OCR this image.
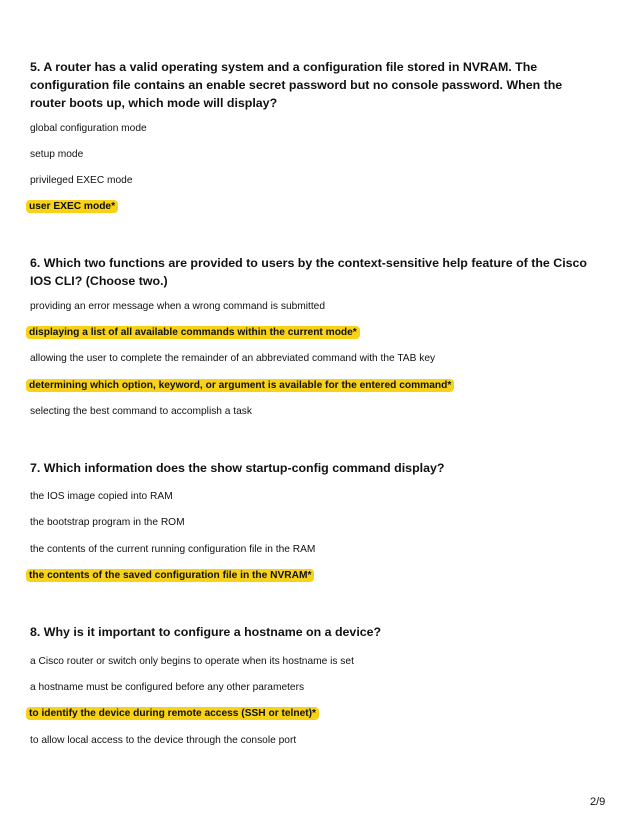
5. A router has a valid operating system and a configuration file stored in NVRAM. The configuration file contains an enable secret password but no console password. When the router boots up, which mode will display?
global configuration mode
setup mode
privileged EXEC mode
user EXEC mode*
6. Which two functions are provided to users by the context-sensitive help feature of the Cisco IOS CLI? (Choose two.)
providing an error message when a wrong command is submitted
displaying a list of all available commands within the current mode*
allowing the user to complete the remainder of an abbreviated command with the TAB key
determining which option, keyword, or argument is available for the entered command*
selecting the best command to accomplish a task
7. Which information does the show startup-config command display?
the IOS image copied into RAM
the bootstrap program in the ROM
the contents of the current running configuration file in the RAM
the contents of the saved configuration file in the NVRAM*
8. Why is it important to configure a hostname on a device?
a Cisco router or switch only begins to operate when its hostname is set
a hostname must be configured before any other parameters
to identify the device during remote access (SSH or telnet)*
to allow local access to the device through the console port
2/9
